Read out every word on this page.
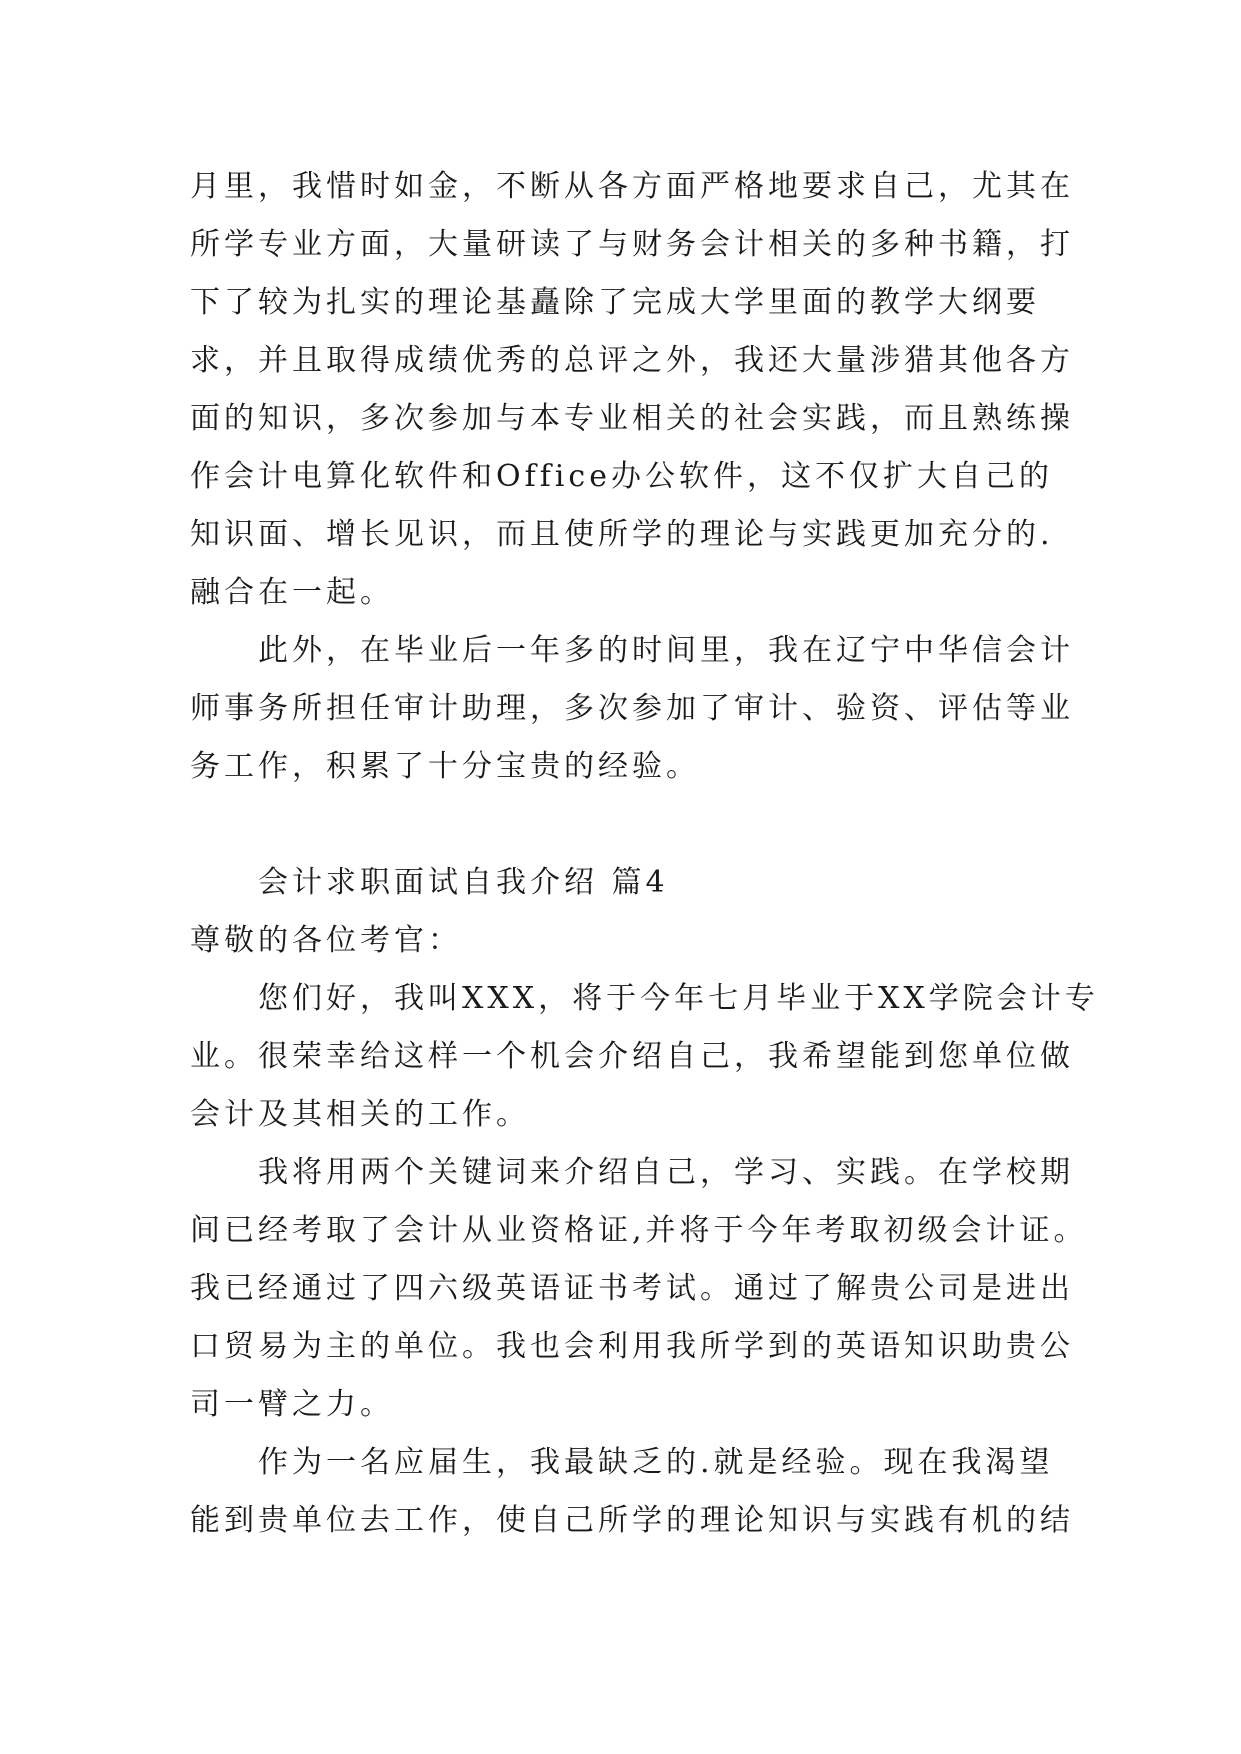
月里，我惜时如金，不断从各方面严格地要求自己，尤其在
所学专业方面，大量研读了与财务会计相关的多种书籍，打
下了较为扎实的理论基矗除了完成大学里面的教学大纲要
求，并且取得成绩优秀的总评之外，我还大量涉猎其他各方
面的知识，多次参加与本专业相关的社会实践，而且熟练操
作会计电算化软件和Office办公软件，这不仅扩大自己的
知识面、增长见识，而且使所学的理论与实践更加充分的.
融合在一起。
此外，在毕业后一年多的时间里，我在辽宁中华信会计
师事务所担任审计助理，多次参加了审计、验资、评估等业
务工作，积累了十分宝贵的经验。
会计求职面试自我介绍 篇4
尊敬的各位考官：
您们好，我叫XXX，将于今年七月毕业于XX学院会计专
业。很荣幸给这样一个机会介绍自己，我希望能到您单位做
会计及其相关的工作。
我将用两个关键词来介绍自己，学习、实践。在学校期
间已经考取了会计从业资格证,并将于今年考取初级会计证。
我已经通过了四六级英语证书考试。通过了解贵公司是进出
口贸易为主的单位。我也会利用我所学到的英语知识助贵公
司一臂之力。
作为一名应届生，我最缺乏的.就是经验。现在我渴望
能到贵单位去工作，使自己所学的理论知识与实践有机的结
